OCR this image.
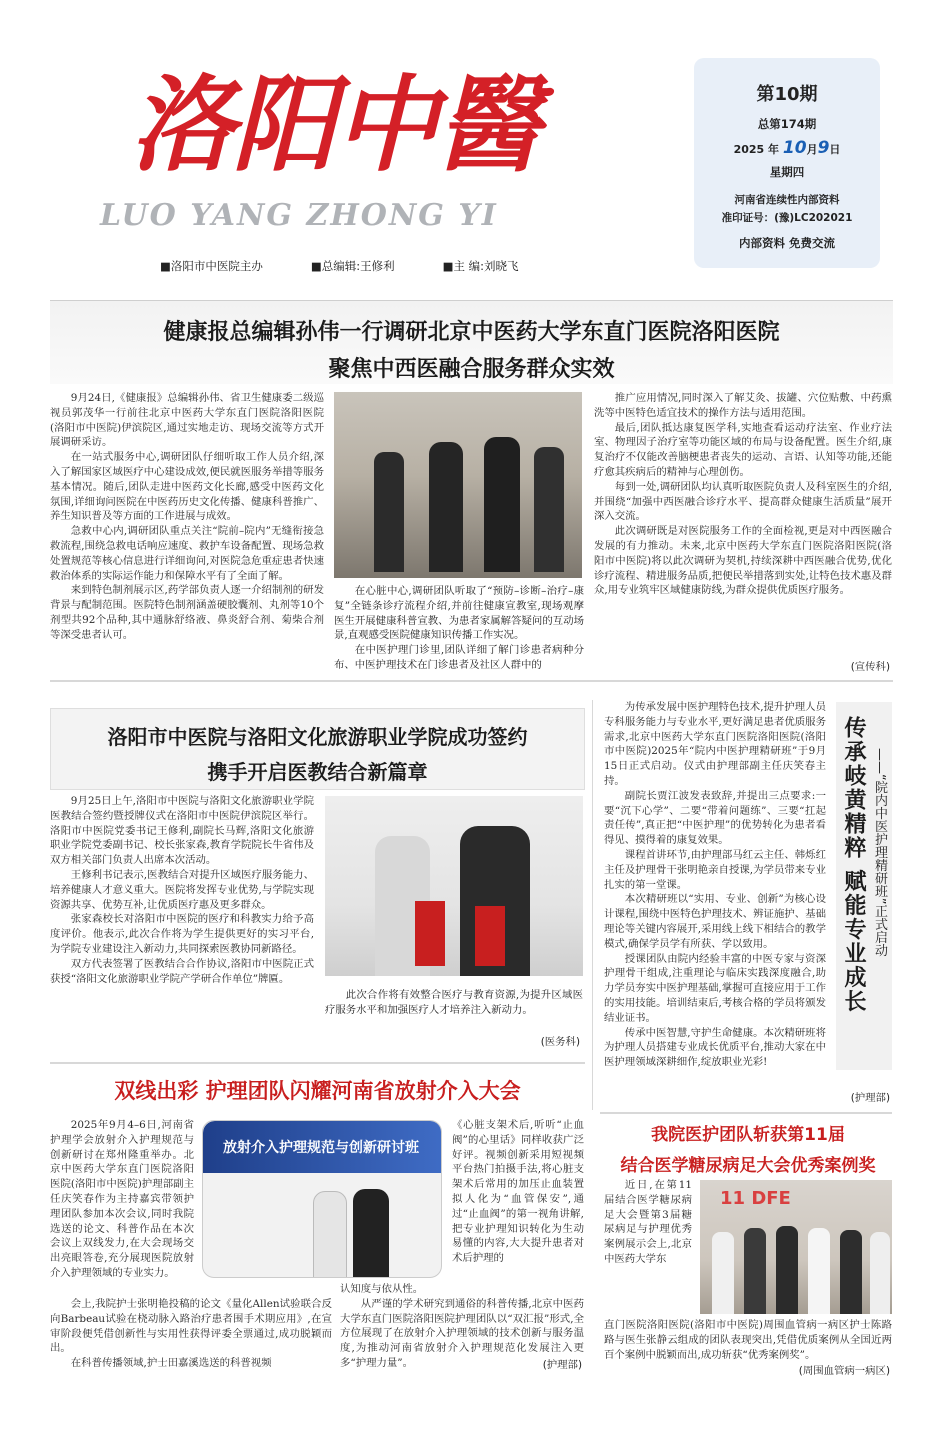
洛阳中醫
LUO YANG ZHONG YI
■洛阳市中医院主办	■总编辑:王修利	■主 编:刘晓飞
第10期
总第174期
2025 年 10月9日
星期四
河南省连续性内部资料
准印证号：(豫)LC202021
内部资料 免费交流
健康报总编辑孙伟一行调研北京中医药大学东直门医院洛阳医院
聚焦中西医融合服务群众实效

9月24日,《健康报》总编辑孙伟、省卫生健康委二级巡视员郭茂华一行前往北京中医药大学东直门医院洛阳医院(洛阳市中医院)伊滨院区,通过实地走访、现场交流等方式开展调研采访。

在一站式服务中心,调研团队仔细听取工作人员介绍,深入了解国家区域医疗中心建设成效,便民就医服务举措等服务基本情况。随后,团队走进中医药文化长廊,感受中医药文化氛围,详细询问医院在中医药历史文化传播、健康科普推广、养生知识普及等方面的工作进展与成效。

急救中心内,调研团队重点关注“院前–院内”无缝衔接急救流程,围绕急救电话响应速度、救护车设备配置、现场急救处置规范等核心信息进行详细询问,对医院急危重症患者快速救治体系的实际运作能力和保障水平有了全面了解。

来到特色制剂展示区,药学部负责人逐一介绍制剂的研发背景与配制范围。医院特色制剂涵盖硬胶囊剂、丸剂等10个剂型共92个品种,其中通脉舒络液、鼻炎舒合剂、菊柴合剂等深受患者认可。

在心脏中心,调研团队听取了“预防–诊断–治疗–康复”全链条诊疗流程介绍,并前往健康宣教室,现场观摩医生开展健康科普宣教、为患者家属解答疑问的互动场景,直观感受医院健康知识传播工作实况。

在中医护理门诊里,团队详细了解门诊患者病种分布、中医护理技术在门诊患者及社区人群中的

推广应用情况,同时深入了解艾灸、拔罐、穴位贴敷、中药熏洗等中医特色适宜技术的操作方法与适用范围。

最后,团队抵达康复医学科,实地查看运动疗法室、作业疗法室、物理因子治疗室等功能区域的布局与设备配置。医生介绍,康复治疗不仅能改善脑梗患者丧失的运动、言语、认知等功能,还能疗愈其疾病后的精神与心理创伤。

每到一处,调研团队均认真听取医院负责人及科室医生的介绍,并围绕“加强中西医融合诊疗水平、提高群众健康生活质量”展开深入交流。

此次调研既是对医院服务工作的全面检视,更是对中西医融合发展的有力推动。未来,北京中医药大学东直门医院洛阳医院(洛阳市中医院)将以此次调研为契机,持续深耕中西医融合优势,优化诊疗流程、精进服务品质,把便民举措落到实处,让特色技术惠及群众,用专业筑牢区域健康防线,为群众提供优质医疗服务。

(宣传科)
洛阳市中医院与洛阳文化旅游职业学院成功签约
携手开启医教结合新篇章

9月25日上午,洛阳市中医院与洛阳文化旅游职业学院医教结合签约暨授牌仪式在洛阳市中医院伊滨院区举行。洛阳市中医院党委书记王修利,副院长马辉,洛阳文化旅游职业学院党委副书记、校长张家森,教育学院院长牛省伟及双方相关部门负责人出席本次活动。

王修利书记表示,医教结合对提升区域医疗服务能力、培养健康人才意义重大。医院将发挥专业优势,与学院实现资源共享、优势互补,让优质医疗惠及更多群众。

张家森校长对洛阳市中医院的医疗和科教实力给予高度评价。他表示,此次合作将为学生提供更好的实习平台,为学院专业建设注入新动力,共同探索医教协同新路径。

双方代表签署了医教结合合作协议,洛阳市中医院正式获授“洛阳文化旅游职业学院产学研合作单位”牌匾。

此次合作将有效整合医疗与教育资源,为提升区域医疗服务水平和加强医疗人才培养注入新动力。
(医务科)

为传承发展中医护理特色技术,提升护理人员专科服务能力与专业水平,更好满足患者优质服务需求,北京中医药大学东直门医院洛阳医院(洛阳市中医院)2025年“院内中医护理精研班”于9月15日正式启动。仪式由护理部副主任庆笑春主持。

副院长贾江波发表致辞,并提出三点要求:一要“沉下心学”、二要“带着问题练”、三要“扛起责任传”,真正把“中医护理”的优势转化为患者看得见、摸得着的康复效果。

课程首讲环节,由护理部马红云主任、韩烁红主任及护理骨干张明艳亲自授课,为学员带来专业扎实的第一堂课。

本次精研班以“实用、专业、创新”为核心设计课程,围绕中医特色护理技术、辨证施护、基础理论等关键内容展开,采用线上线下相结合的教学模式,确保学员学有所获、学以致用。

授课团队由院内经验丰富的中医专家与资深护理骨干组成,注重理论与临床实践深度融合,助力学员夯实中医护理基础,掌握可直接应用于工作的实用技能。培训结束后,考核合格的学员将颁发结业证书。

传承中医智慧,守护生命健康。本次精研班将为护理人员搭建专业成长优质平台,推动大家在中医护理领域深耕细作,绽放职业光彩!

传承岐黄精粹 赋能专业成长 ——“院内中医护理精研班”正式启动
(护理部)
双线出彩 护理团队闪耀河南省放射介入大会

2025年9月4–6日,河南省护理学会放射介入护理规范与创新研讨在郑州隆重举办。北京中医药大学东直门医院洛阳医院(洛阳市中医院)护理部副主任庆笑春作为主持嘉宾带领护理团队参加本次会议,同时我院选送的论文、科普作品在本次会议上双线发力,在大会现场交出亮眼答卷,充分展现医院放射介入护理领域的专业实力。

会上,我院护士张明艳投稿的论文《量化Allen试验联合反向Barbeau试验在桡动脉入路治疗患者围手术期应用》,在宣审阶段便凭借创新性与实用性获得评委全票通过,成功脱颖而出。

在科普传播领域,护士田嘉溪选送的科普视频

放射介入护理规范与创新研讨班

《心脏支架术后,听听“止血阀”的心里话》同样收获广泛好评。视频创新采用短视频平台热门拍摄手法,将心脏支架术后常用的加压止血装置拟人化为“血管保安”,通过“止血阀”的第一视角讲解,把专业护理知识转化为生动易懂的内容,大大提升患者对术后护理的

认知度与依从性。

从严谨的学术研究到通俗的科普传播,北京中医药大学东直门医院洛阳医院护理团队以“双汇报”形式,全方位展现了在放射介入护理领域的技术创新与服务温度,为推动河南省放射介入护理规范化发展注入更多“护理力量”。	(护理部)
我院医护团队斩获第11届
结合医学糖尿病足大会优秀案例奖

近日,在第11届结合医学糖尿病足大会暨第3届糖尿病足与护理优秀案例展示会上,北京中医药大学东

11 DFE

直门医院洛阳医院(洛阳市中医院)周围血管病一病区护士陈路路与医生张静云组成的团队表现突出,凭借优质案例从全国近两百个案例中脱颖而出,成功斩获“优秀案例奖”。

(周围血管病一病区)
